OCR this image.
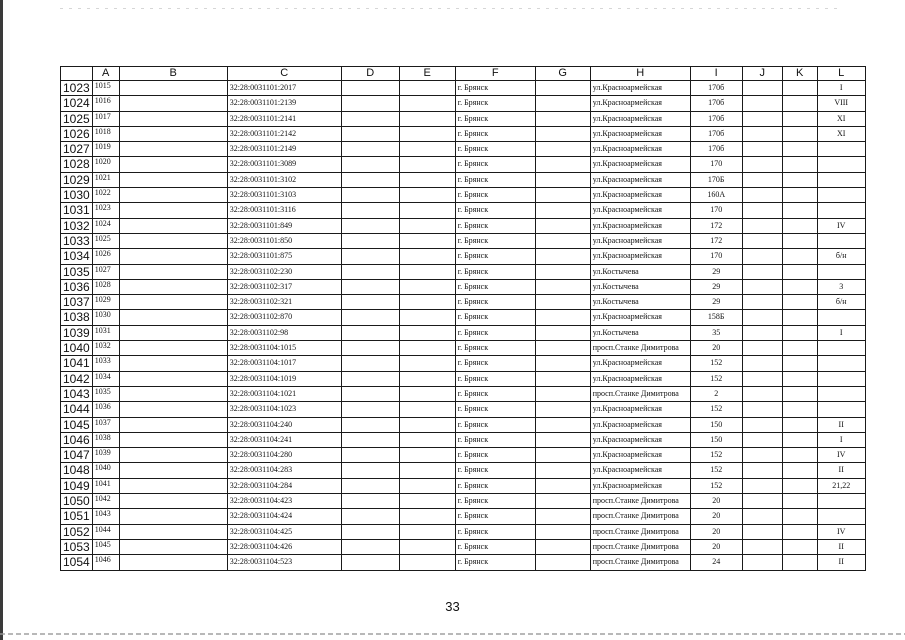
	A	B	C	D	E	F	G	H	I	J	K	L
1023	1015		32:28:0031101:2017			г. Брянск		ул.Красноармейская	170б			I
1024	1016		32:28:0031101:2139			г. Брянск		ул.Красноармейская	170б			VIII
1025	1017		32:28:0031101:2141			г. Брянск		ул.Красноармейская	170б			XI
1026	1018		32:28:0031101:2142			г. Брянск		ул.Красноармейская	170б			XI
1027	1019		32:28:0031101:2149			г. Брянск		ул.Красноармейская	170б			
1028	1020		32:28:0031101:3089			г. Брянск		ул.Красноармейская	170			
1029	1021		32:28:0031101:3102			г. Брянск		ул.Красноармейская	170Б			
1030	1022		32:28:0031101:3103			г. Брянск		ул.Красноармейская	160А			
1031	1023		32:28:0031101:3116			г. Брянск		ул.Красноармейская	170			
1032	1024		32:28:0031101:849			г. Брянск		ул.Красноармейская	172			IV
1033	1025		32:28:0031101:850			г. Брянск		ул.Красноармейская	172			
1034	1026		32:28:0031101:875			г. Брянск		ул.Красноармейская	170			б/н
1035	1027		32:28:0031102:230			г. Брянск		ул.Костычева	29			
1036	1028		32:28:0031102:317			г. Брянск		ул.Костычева	29			3
1037	1029		32:28:0031102:321			г. Брянск		ул.Костычева	29			б/н
1038	1030		32:28:0031102:870			г. Брянск		ул.Красноармейская	158Б			
1039	1031		32:28:0031102:98			г. Брянск		ул.Костычева	35			I
1040	1032		32:28:0031104:1015			г. Брянск		просп.Станке Димитрова	20			
1041	1033		32:28:0031104:1017			г. Брянск		ул.Красноармейская	152			
1042	1034		32:28:0031104:1019			г. Брянск		ул.Красноармейская	152			
1043	1035		32:28:0031104:1021			г. Брянск		просп.Станке Димитрова	2			
1044	1036		32:28:0031104:1023			г. Брянск		ул.Красноармейская	152			
1045	1037		32:28:0031104:240			г. Брянск		ул.Красноармейская	150			II
1046	1038		32:28:0031104:241			г. Брянск		ул.Красноармейская	150			I
1047	1039		32:28:0031104:280			г. Брянск		ул.Красноармейская	152			IV
1048	1040		32:28:0031104:283			г. Брянск		ул.Красноармейская	152			II
1049	1041		32:28:0031104:284			г. Брянск		ул.Красноармейская	152			21,22
1050	1042		32:28:0031104:423			г. Брянск		просп.Станке Димитрова	20			
1051	1043		32:28:0031104:424			г. Брянск		просп.Станке Димитрова	20			
1052	1044		32:28:0031104:425			г. Брянск		просп.Станке Димитрова	20			IV
1053	1045		32:28:0031104:426			г. Брянск		просп.Станке Димитрова	20			II
1054	1046		32:28:0031104:523			г. Брянск		просп.Станке Димитрова	24			II
33
